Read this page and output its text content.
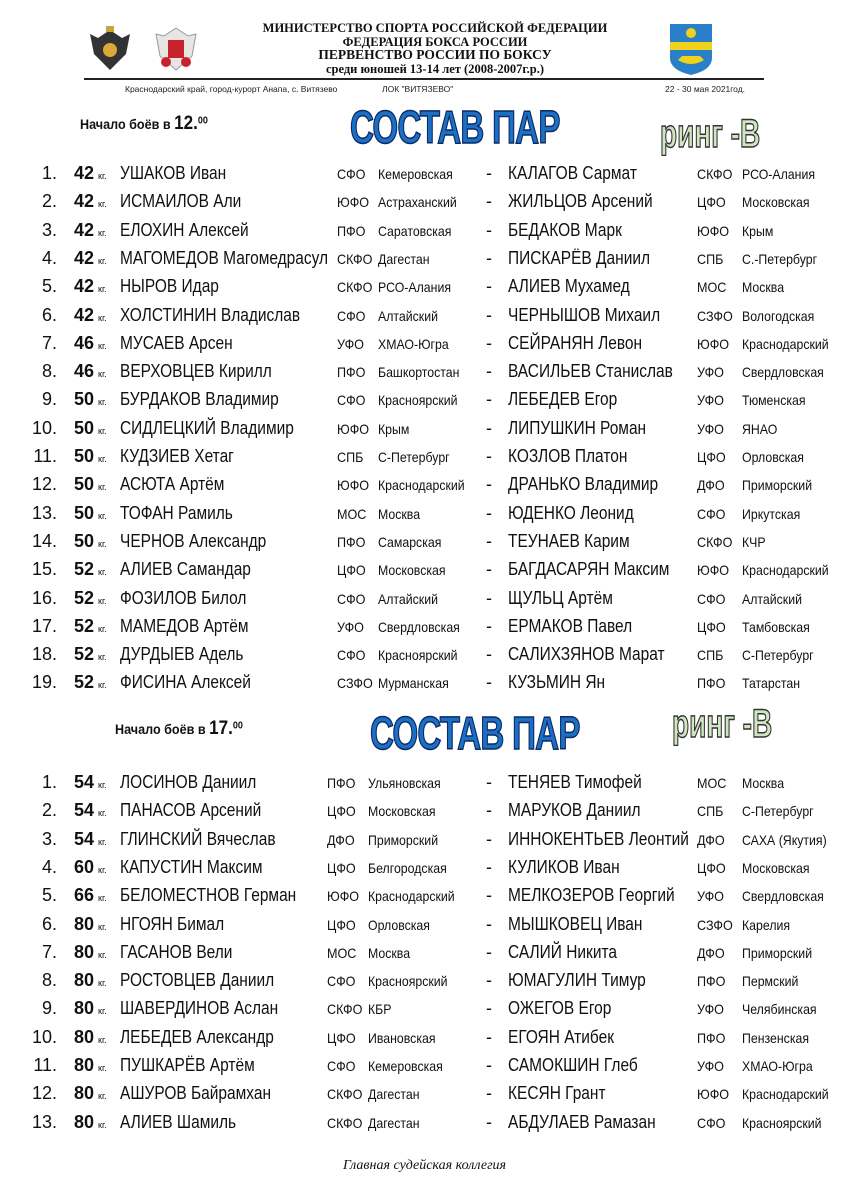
МИНИСТЕРСТВО СПОРТА РОССИЙСКОЙ ФЕДЕРАЦИИ
ФЕДЕРАЦИЯ БОКСА РОССИИ
ПЕРВЕНСТВО РОССИИ ПО БОКСУ
среди юношей 13-14 лет (2008-2007г.р.)
Краснодарский край, город-курорт Анапа, с. Витязево	ЛОК "ВИТЯЗЕВО"	22 - 30 мая 2021год.
Начало боёв в 12.00	СОСТАВ ПАР	ринг -В
1. 42 кг. УШАКОВ Иван	СФО Кемеровская - КАЛАГОВ Сармат	СКФО РСО-Алания
2. 42 кг. ИСМАИЛОВ Али	ЮФО Астраханский - ЖИЛЬЦОВ Арсений	ЦФО Московская
3. 42 кг. ЕЛОХИН Алексей	ПФО Саратовская - БЕДАКОВ Марк	ЮФО Крым
4. 42 кг. МАГОМЕДОВ Магомедрасул СКФО Дагестан	- ПИСКАРЁВ Даниил	СПБ С.-Петербург
5. 42 кг. НЫРОВ Идар	СКФО РСО-Алания - АЛИЕВ Мухамед	МОС Москва
6. 42 кг. ХОЛСТИНИН Владислав	СФО Алтайский	- ЧЕРНЫШОВ Михаил	СЗФО Вологодская
7. 46 кг. МУСАЕВ Арсен	УФО ХМАО-Югра - СЕЙРАНЯН Левон	ЮФО Краснодарский
8. 46 кг. ВЕРХОВЦЕВ Кирилл	ПФО Башкортостан - ВАСИЛЬЕВ Станислав УФО Свердловская
9. 50 кг. БУРДАКОВ Владимир	СФО Красноярский - ЛЕБЕДЕВ Егор	УФО Тюменская
10. 50 кг. СИДЛЕЦКИЙ Владимир	ЮФО Крым	- ЛИПУШКИН Роман	УФО ЯНАО
11. 50 кг. КУДЗИЕВ Хетаг	СПБ С-Петербург - КОЗЛОВ Платон	ЦФО Орловская
12. 50 кг. АСЮТА Артём	ЮФО Краснодарский - ДРАНЬКО Владимир	ДФО Приморский
13. 50 кг. ТОФАН Рамиль	МОС Москва	- ЮДЕНКО Леонид	СФО Иркутская
14. 50 кг. ЧЕРНОВ Александр	ПФО Самарская - ТЕУНАЕВ Карим	СКФО КЧР
15. 52 кг. АЛИЕВ Самандар	ЦФО Московская - БАГДАСАРЯН Максим ЮФО Краснодарский
16. 52 кг. ФОЗИЛОВ Билол	СФО Алтайский	- ЩУЛЬЦ Артём	СФО Алтайский
17. 52 кг. МАМЕДОВ Артём	УФО Свердловская - ЕРМАКОВ Павел	ЦФО Тамбовская
18. 52 кг. ДУРДЫЕВ Адель	СФО Красноярский - САЛИХЗЯНОВ Марат СПБ С-Петербург
19. 52 кг. ФИСИНА Алексей	СЗФО Мурманская - КУЗЬМИН Ян	ПФО Татарстан
Начало боёв в 17.00	СОСТАВ ПАР ринг -В
1. 54 кг. ЛОСИНОВ Даниил	ПФО Ульяновская	- ТЕНЯЕВ Тимофей	МОС Москва
2. 54 кг. ПАНАСОВ Арсений	ЦФО Московская	- МАРУКОВ Даниил	СПБ С-Петербург
3. 54 кг. ГЛИНСКИЙ Вячеслав	ДФО Приморский	- ИННОКЕНТЬЕВ Леонтий ДФО САХА (Якутия)
4. 60 кг. КАПУСТИН Максим	ЦФО Белгородская - КУЛИКОВ Иван	ЦФО Московская
5. 66 кг. БЕЛОМЕСТНОВ Герман ЮФО Краснодарский - МЕЛКОЗЕРОВ Георгий УФО Свердловская
6. 80 кг. НГОЯН Бимал	ЦФО Орловская	- МЫШКОВЕЦ Иван	СЗФО Карелия
7. 80 кг. ГАСАНОВ Вели	МОС Москва	- САЛИЙ Никита	ДФО Приморский
8. 80 кг. РОСТОВЦЕВ Даниил	СФО Красноярский - ЮМАГУЛИН Тимур	ПФО Пермский
9. 80 кг. ШАВЕРДИНОВ Аслан	СКФО КБР	- ОЖЕГОВ Егор	УФО Челябинская
10. 80 кг. ЛЕБЕДЕВ Александр	ЦФО Ивановская	- ЕГОЯН Атибек	ПФО Пензенская
11. 80 кг. ПУШКАРЁВ Артём	СФО Кемеровская - САМОКШИН Глеб	УФО ХМАО-Югра
12. 80 кг. АШУРОВ Байрамхан	СКФО Дагестан	- КЕСЯН Грант	ЮФО Краснодарский
13. 80 кг. АЛИЕВ Шамиль	СКФО Дагестан	- АБДУЛАЕВ Рамазан	СФО Красноярский
Главная судейская коллегия
